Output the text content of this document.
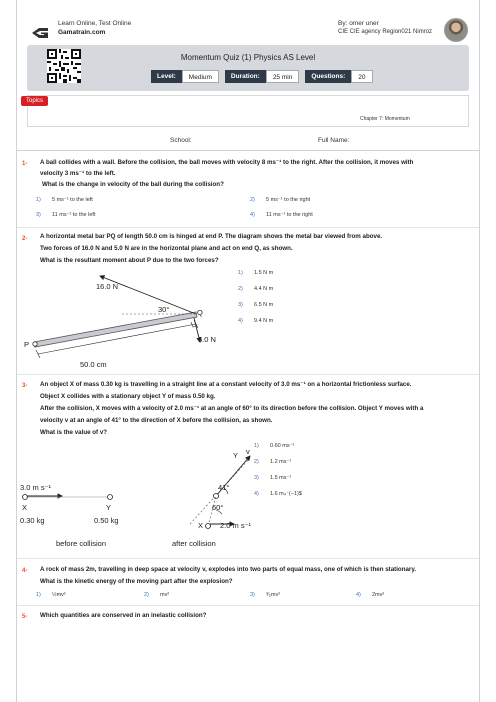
Learn Online, Test Online
Gamatrain.com
By: omer uner
CIE CIE agency Region021 Nimroz
Momentum Quiz (1) Physics AS Level
Level:	Medium	Duration:	25 min	Questions:	20
Topics
Chapter 7: Momentum
School:	Full Name:
1- A ball collides with a wall. Before the collision, the ball moves with velocity 8 ms⁻¹ to the right. After the collision, it moves with
velocity 3 ms⁻¹ to the left.
What is the change in velocity of the ball during the collision?
1) 5 ms⁻¹ to the left	2) 5 ms⁻¹ to the right
3) 11 ms⁻¹ to the left	4) 11 ms⁻¹ to the right
2- A horizontal metal bar PQ of length 50.0 cm is hinged at end P. The diagram shows the metal bar viewed from above.
Two forces of 16.0 N and 5.0 N are in the horizontal plane and act on end Q, as shown.
What is the resultant moment about P due to the two forces?
16.0 N
30°	Q
P
5.0 N
50.0 cm
1) 1.5 N m
2) 4.4 N m
3) 6.5 N m
4) 9.4 N m
3- An object X of mass 0.30 kg is travelling in a straight line at a constant velocity of 3.0 ms⁻¹ on a horizontal frictionless surface.
Object X collides with a stationary object Y of mass 0.50 kg.
After the collision, X moves with a velocity of 2.0 ms⁻¹ at an angle of 60° to its direction before the collision. Object Y moves with a
velocity v at an angle of 41° to the direction of X before the collision, as shown.
What is the value of v?
3.0 m s⁻¹
X	Y
0.30 kg	0.50 kg
before collision
Y v
41°
60°
X 2.0 m s⁻¹
after collision
1) 0.60 ms⁻¹
2) 1.2 ms⁻¹
3) 1.5 ms⁻¹
4) 1.6 m₄⁻(−1)$
4- A rock of mass 2m, travelling in deep space at velocity v, explodes into two parts of equal mass, one of which is then stationary.
What is the kinetic energy of the moving part after the explosion?
1) ½mv²	2) mv²	3) ³⁄₂mv²	4) 2mv²
5- Which quantities are conserved in an inelastic collision?
